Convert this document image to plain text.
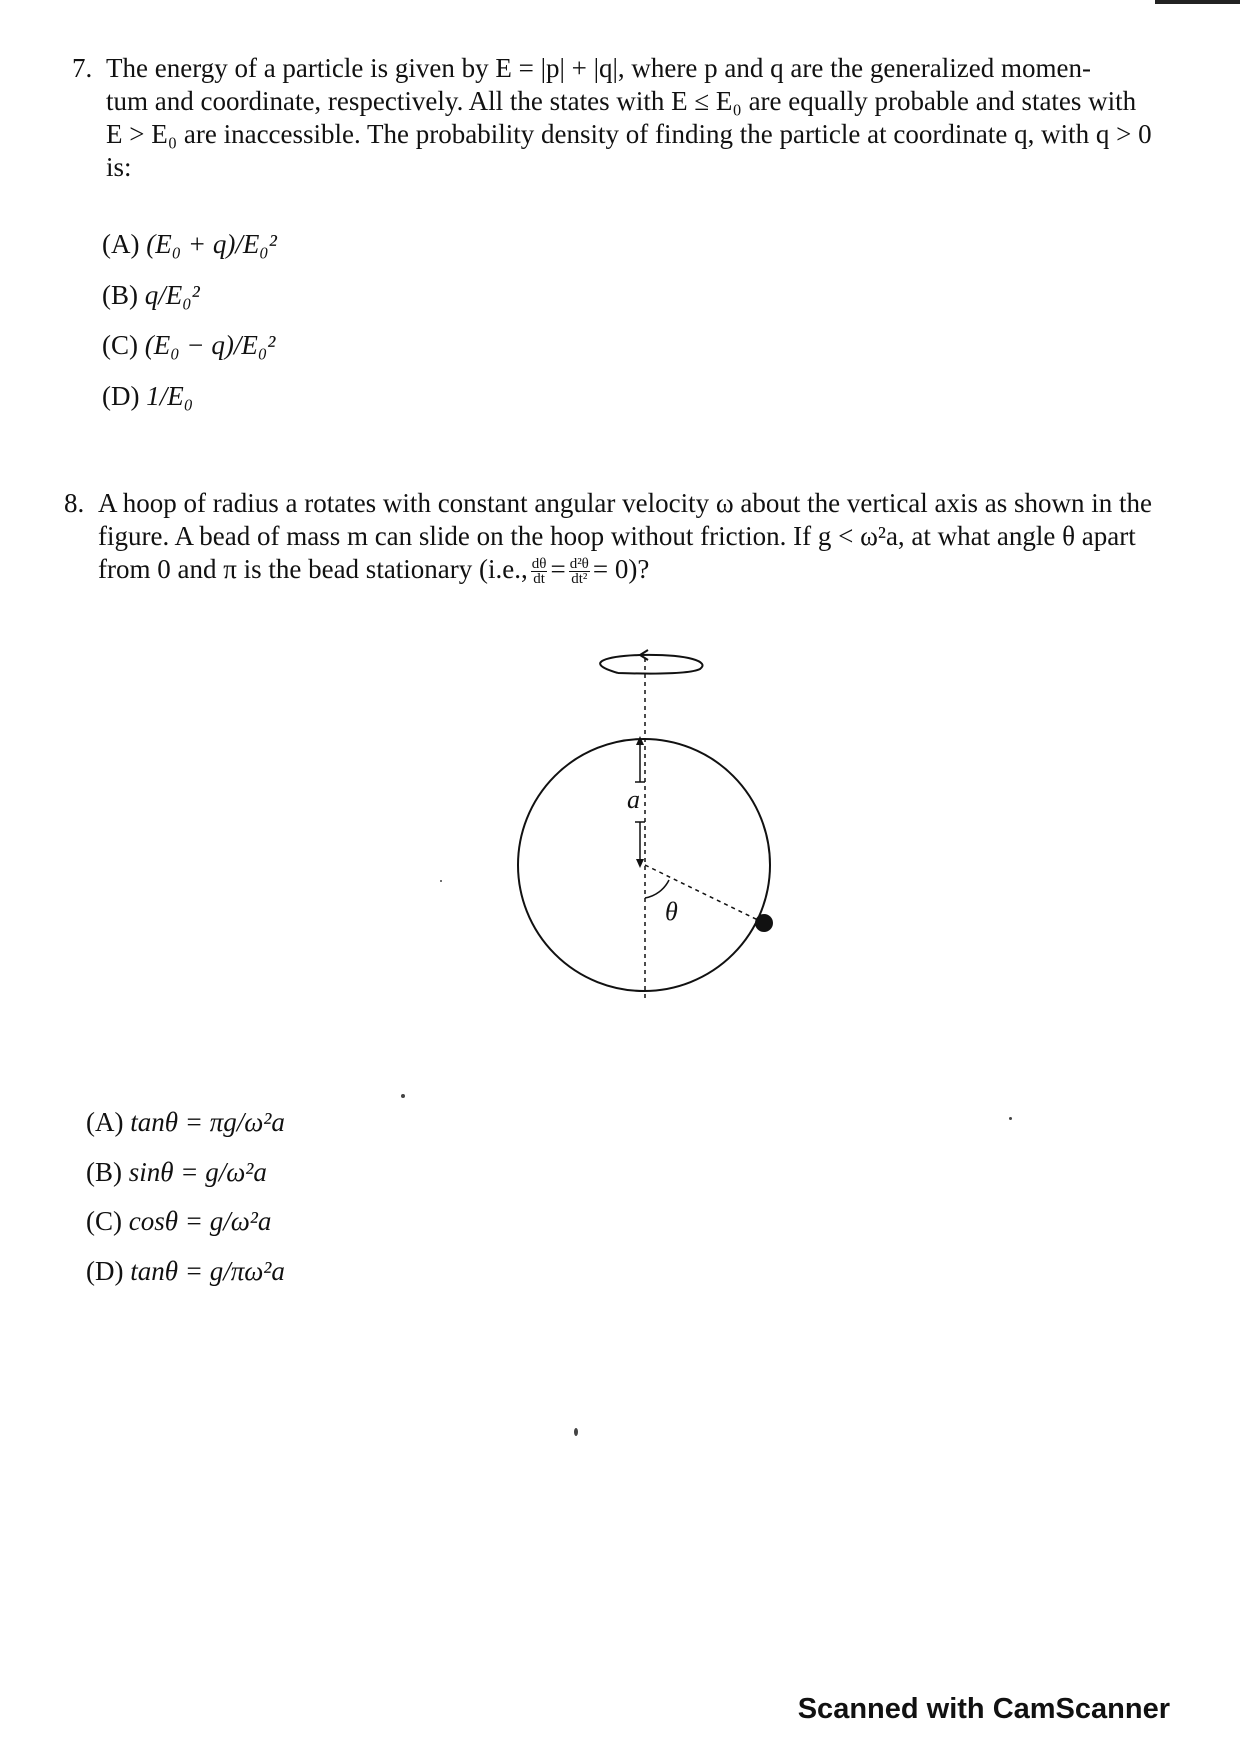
7. The energy of a particle is given by E = |p| + |q|, where p and q are the generalized momen-
tum and coordinate, respectively. All the states with E ≤ E₀ are equally probable and states with
E > E₀ are inaccessible. The probability density of finding the particle at coordinate q, with q > 0
is:
(A) (E₀ + q)/E₀²
(B) q/E₀²
(C) (E₀ − q)/E₀²
(D) 1/E₀
8. A hoop of radius a rotates with constant angular velocity ω about the vertical axis as shown in the
figure. A bead of mass m can slide on the hoop without friction. If g < ω²a, at what angle θ apart
from 0 and π is the bead stationary (i.e., $\frac{d\theta}{dt} = \frac{\text{d²θ}}{\text{dt²}} = 0$)?
a
θ
(A) tanθ = πg/ω²a
(B) sinθ = g/ω²a
(C) cosθ = g/ω²a
(D) tanθ = g/πω²a
Scanned with CamScanner
